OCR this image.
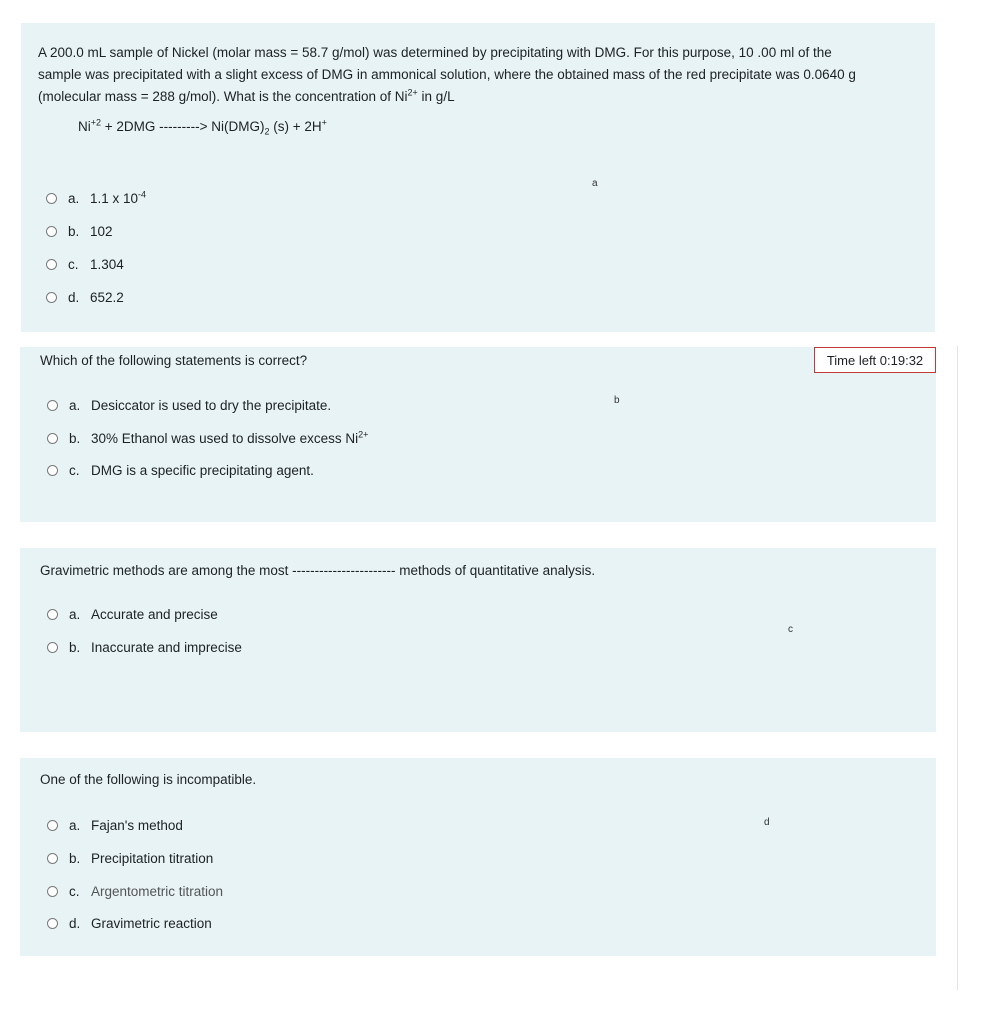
A 200.0 mL sample of Nickel (molar mass = 58.7 g/mol) was determined by precipitating with DMG. For this purpose, 10 .00 ml of the
sample was precipitated with a slight excess of DMG in ammonical solution, where the obtained mass of the red precipitate was 0.0640 g
(molecular mass = 288 g/mol). What is the concentration of $Ni^{2+}$ in g/L
$Ni^{+2} + 2DMG$ ---------> $Ni(DMG)_2$ (s) + 2H+
a
a. 1.1 x $10^{-4}$
b. 102
c. 1.304
d. 652.2
Which of the following statements is correct?
b
a. Desiccator is used to dry the precipitate.
b. 30% Ethanol was used to dissolve excess $Ni^{2+}$
c. DMG is a specific precipitating agent.
Time left 0:19:32
Gravimetric methods are among the most ----------------------- methods of quantitative analysis.
c
a. Accurate and precise
b. Inaccurate and imprecise
One of the following is incompatible.
d
a. Fajan's method
b. Precipitation titration
c. Argentometric titration
d. Gravimetric reaction
